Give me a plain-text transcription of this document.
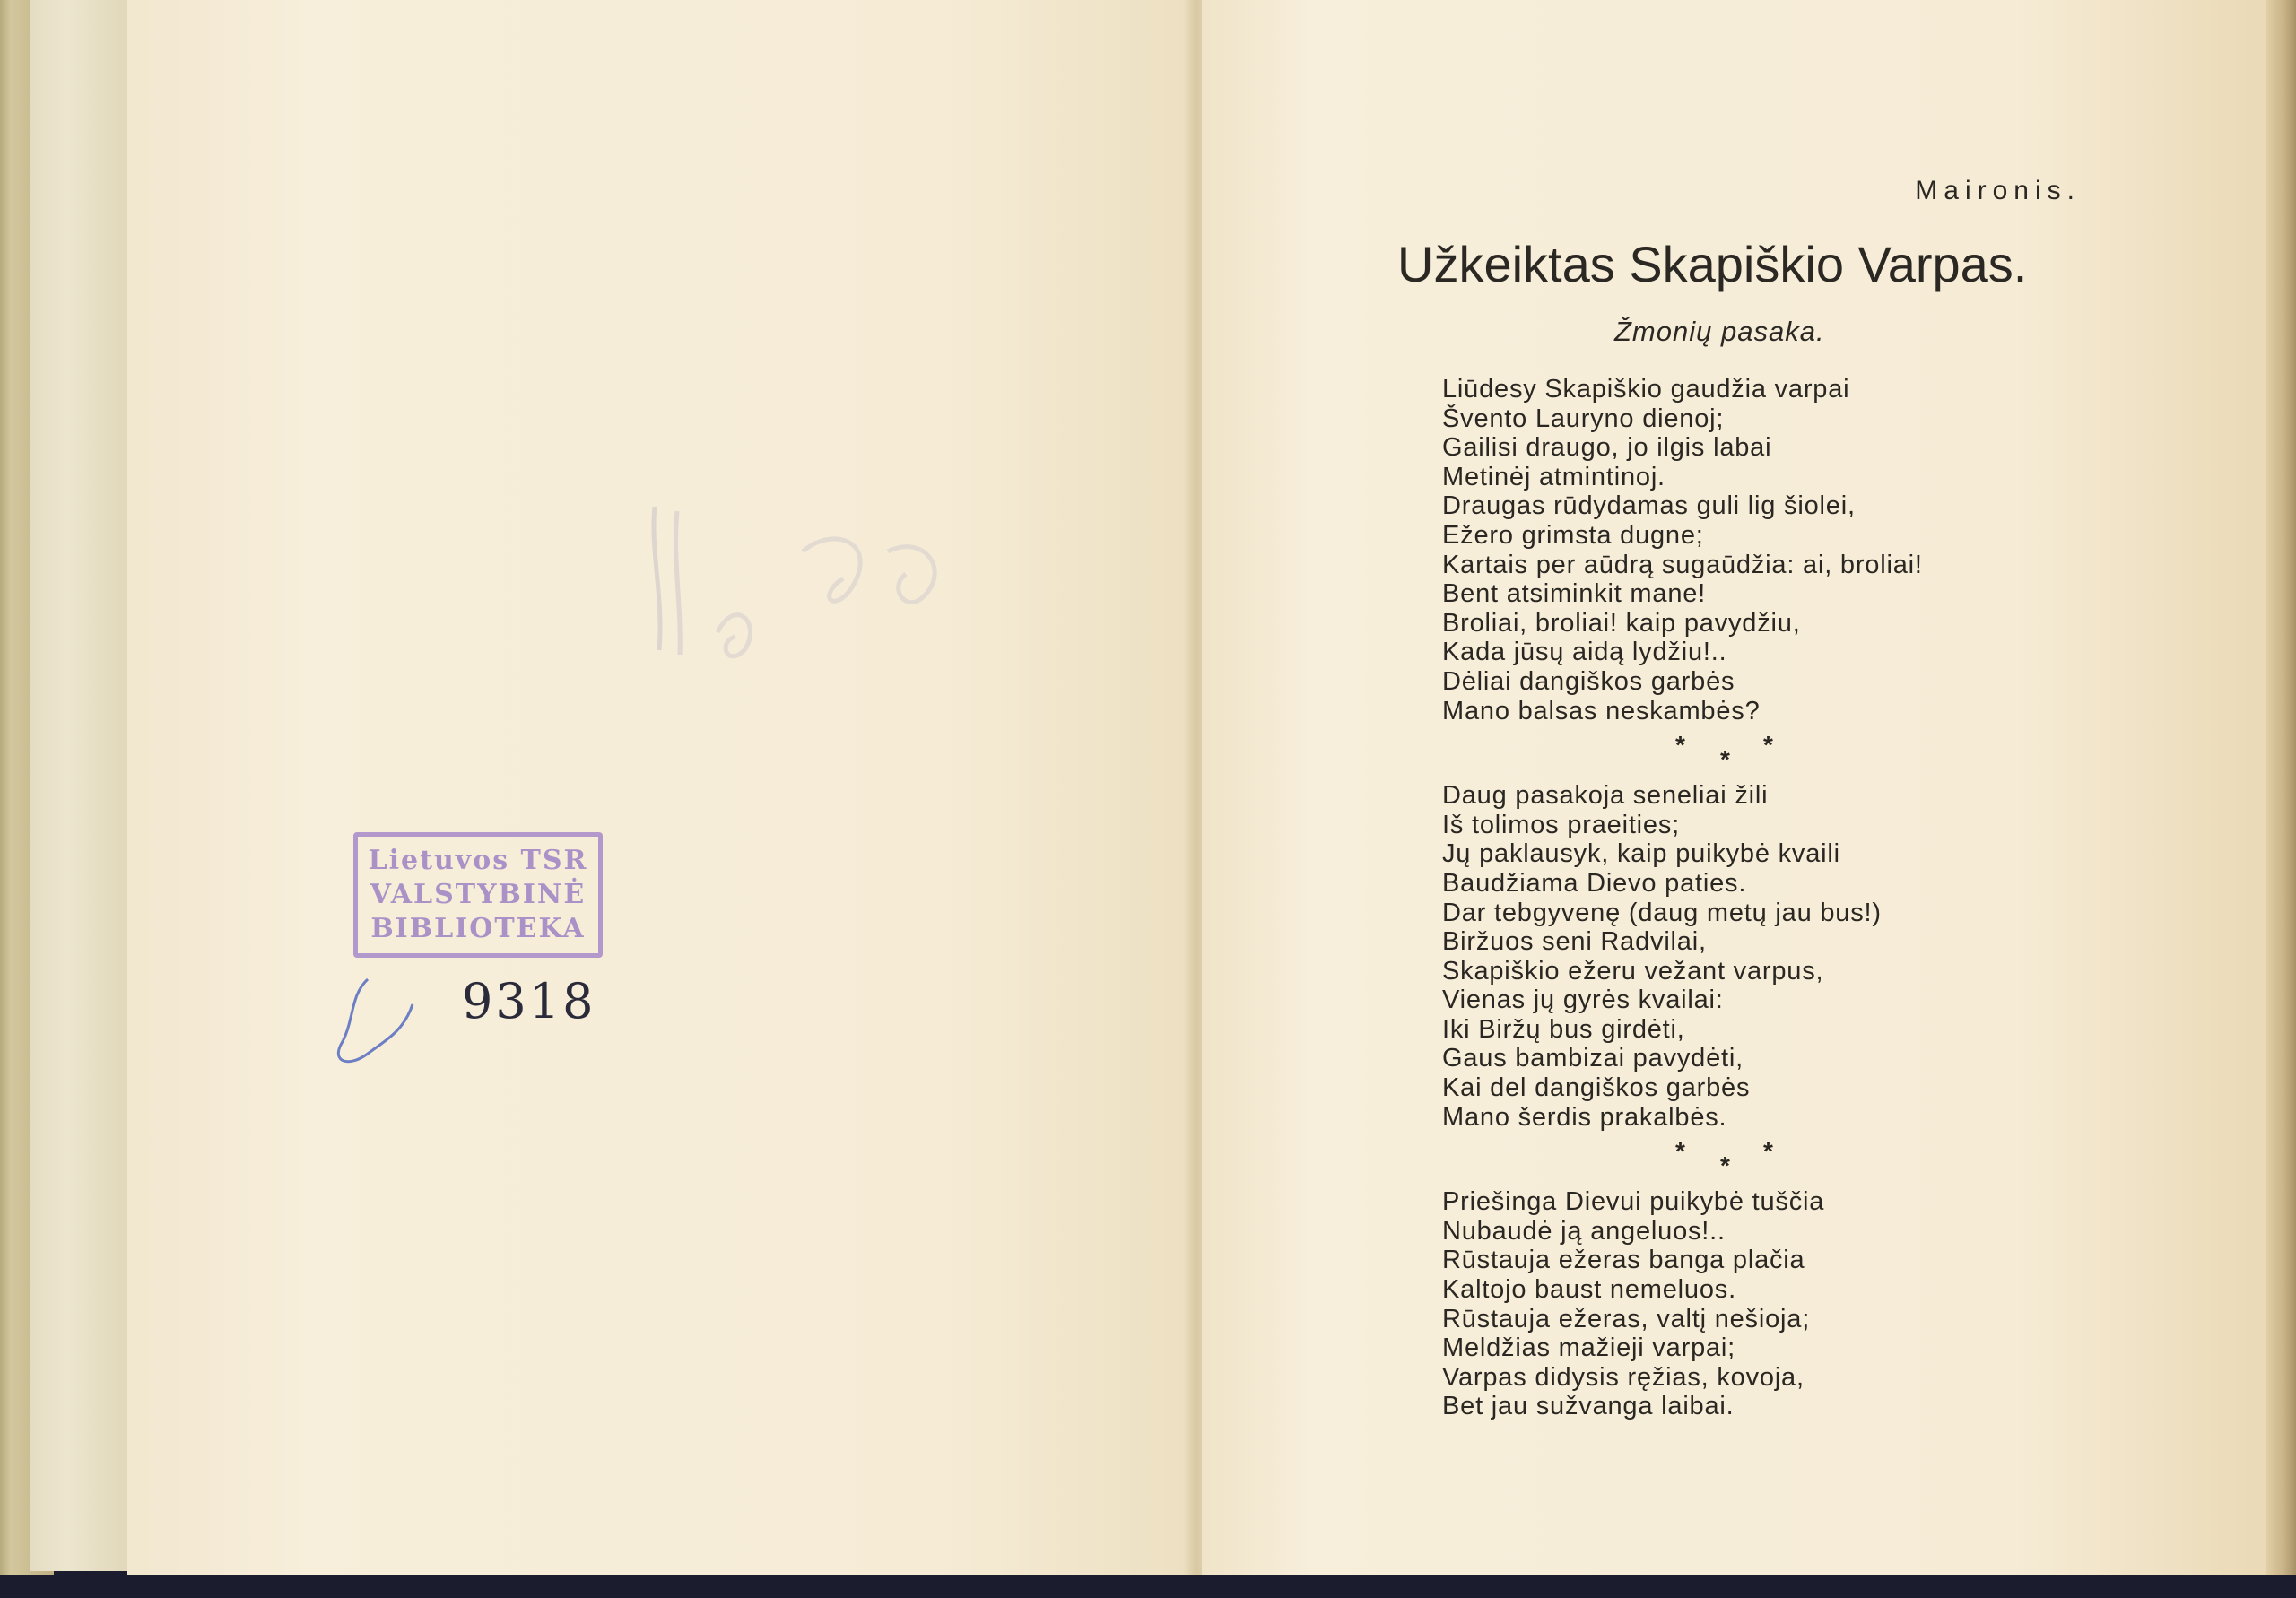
Lietuvos TSR
VALSTYBINĖ
BIBLIOTEKA
9318
Maironis.
Užkeiktas Skapiškio Varpas.
Žmonių pasaka.
Liūdesy Skapiškio gaudžia varpai
Švento Lauryno dienoj;
Gailisi draugo, jo ilgis labai
Metinėj atmintinoj.
Draugas rūdydamas guli lig šiolei,
Ežero grimsta dugne;
Kartais per aūdrą sugaūdžia: ai, broliai!
Bent atsiminkit mane!
Broliai, broliai! kaip pavydžiu,
Kada jūsų aidą lydžiu!..
Dėliai dangiškos garbės
Mano balsas neskambės?
*
*
*
Daug pasakoja seneliai žili
Iš tolimos praeities;
Jų paklausyk, kaip puikybė kvaili
Baudžiama Dievo paties.
Dar tebgyvenę (daug metų jau bus!)
Biržuos seni Radvilai,
Skapiškio ežeru vežant varpus,
Vienas jų gyrės kvailai:
Iki Biržų bus girdėti,
Gaus bambizai pavydėti,
Kai del dangiškos garbės
Mano šerdis prakalbės.
*
*
*
Priešinga Dievui puikybė tuščia
Nubaudė ją angeluos!..
Rūstauja ežeras banga plačia
Kaltojo baust nemeluos.
Rūstauja ežeras, valtį nešioja;
Meldžias mažieji varpai;
Varpas didysis ręžias, kovoja,
Bet jau sužvanga laibai.
